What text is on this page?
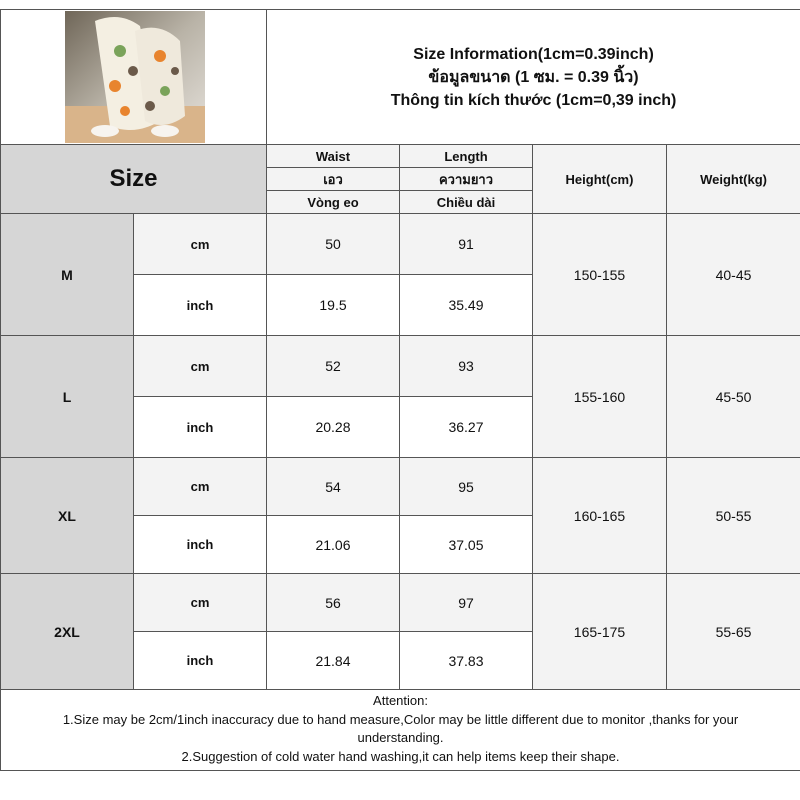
Size Information(1cm=0.39inch)
ข้อมูลขนาด (1 ซม. = 0.39 นิ้ว)
Thông tin kích thước (1cm=0,39 inch)			

Size		Waist	Length	Height(cm)	Weight(kg)
		เอว	ความยาว		
		Vòng eo	Chiều dài		
M	cm	50	91	150-155	40-45
	inch	19.5	35.49		
L	cm	52	93	155-160	45-50
	inch	20.28	36.27		
XL	cm	54	95	160-165	50-55
	inch	21.06	37.05		
2XL	cm	56	97	165-175	55-65
	inch	21.84	37.83		

Attention:
1.Size may be 2cm/1inch inaccuracy due to hand measure,Color may be little different due to monitor ,thanks for your
understanding.
2.Suggestion of cold water hand washing,it can help items keep their shape.					
